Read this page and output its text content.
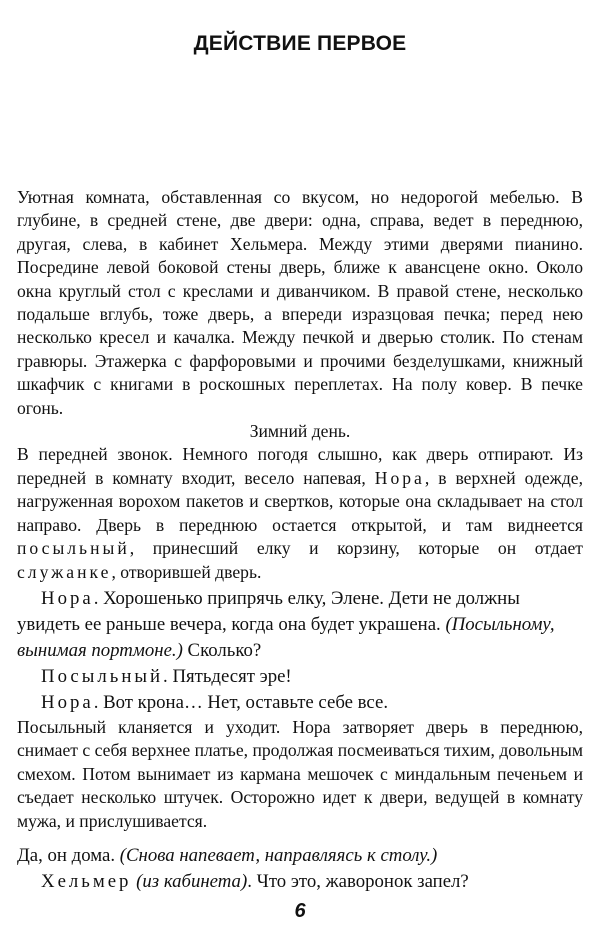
ДЕЙСТВИЕ ПЕРВОЕ

Уютная комната, обставленная со вкусом, но недорогой мебелью. В глубине, в средней стене, две двери: одна, справа, ведет в переднюю, другая, слева, в кабинет Хельмера. Между этими дверями пианино. Посредине левой боковой стены дверь, ближе к авансцене окно. Около окна круглый стол с креслами и диванчиком. В правой стене, несколько подальше вглубь, тоже дверь, а впереди изразцовая печка; перед нею несколько кресел и качалка. Между печкой и дверью столик. По стенам гравюры. Этажерка с фарфоровыми и прочими безделушками, книжный шкафчик с книгами в роскошных переплетах. На полу ковер. В печке огонь.

Зимний день.

В передней звонок. Немного погодя слышно, как дверь отпирают. Из передней в комнату входит, весело напевая, Нора, в верхней одежде, нагруженная ворохом пакетов и свертков, которые она складывает на стол направо. Дверь в переднюю остается открытой, и там виднеется посыльный, принесший елку и корзину, которые он отдает служанке, отворившей дверь.

Нора. Хорошенько припрячь елку, Элене. Дети не должны увидеть ее раньше вечера, когда она будет украшена. (Посыльному, вынимая портмоне.) Сколько?

Посыльный. Пятьдесят эре!

Нора. Вот крона… Нет, оставьте себе все.

Посыльный кланяется и уходит. Нора затворяет дверь в переднюю, снимает с себя верхнее платье, продолжая посмеиваться тихим, довольным смехом. Потом вынимает из кармана мешочек с миндальным печеньем и съедает несколько штучек. Осторожно идет к двери, ведущей в комнату мужа, и прислушивается.

Да, он дома. (Снова напевает, направляясь к столу.)

Хельмер (из кабинета). Что это, жаворонок запел?

6
